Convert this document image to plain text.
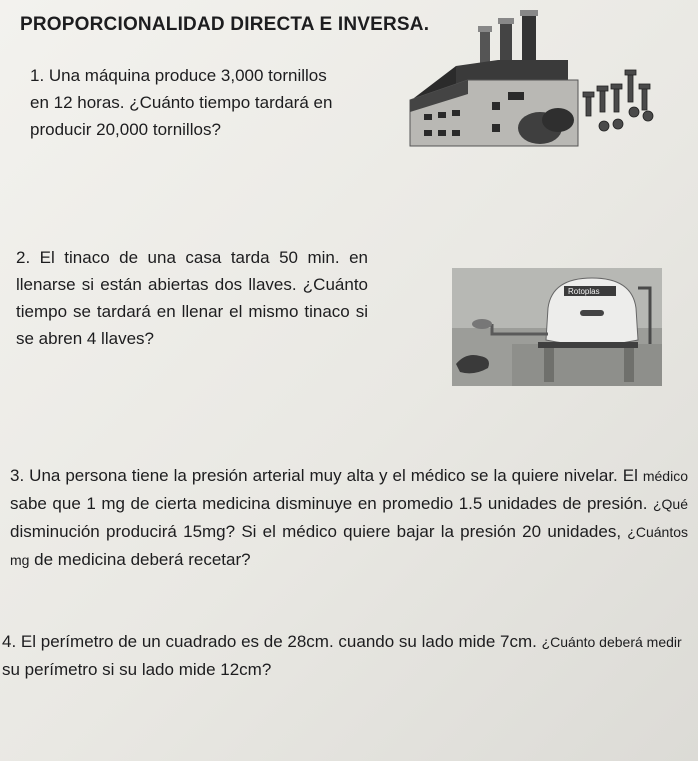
PROPORCIONALIDAD DIRECTA E INVERSA.
1. Una máquina produce 3,000 tornillos
en 12 horas. ¿Cuánto tiempo tardará en
producir 20,000 tornillos?
2. El tinaco de una casa tarda 50 min. en llenarse si están abiertas dos llaves. ¿Cuánto tiempo se tardará en llenar el mismo tinaco si se abren 4 llaves?
Rotoplas
3. Una persona tiene la presión arterial muy alta y el médico se la quiere nivelar. El médico sabe que 1 mg de cierta medicina disminuye en promedio 1.5 unidades de presión. ¿Qué disminución producirá 15mg? Si el médico quiere bajar la presión 20 unidades, ¿Cuántos mg de medicina deberá recetar?
4. El perímetro de un cuadrado es de 28cm. cuando su lado mide 7cm. ¿Cuánto deberá medir su perímetro si su lado mide 12cm?
